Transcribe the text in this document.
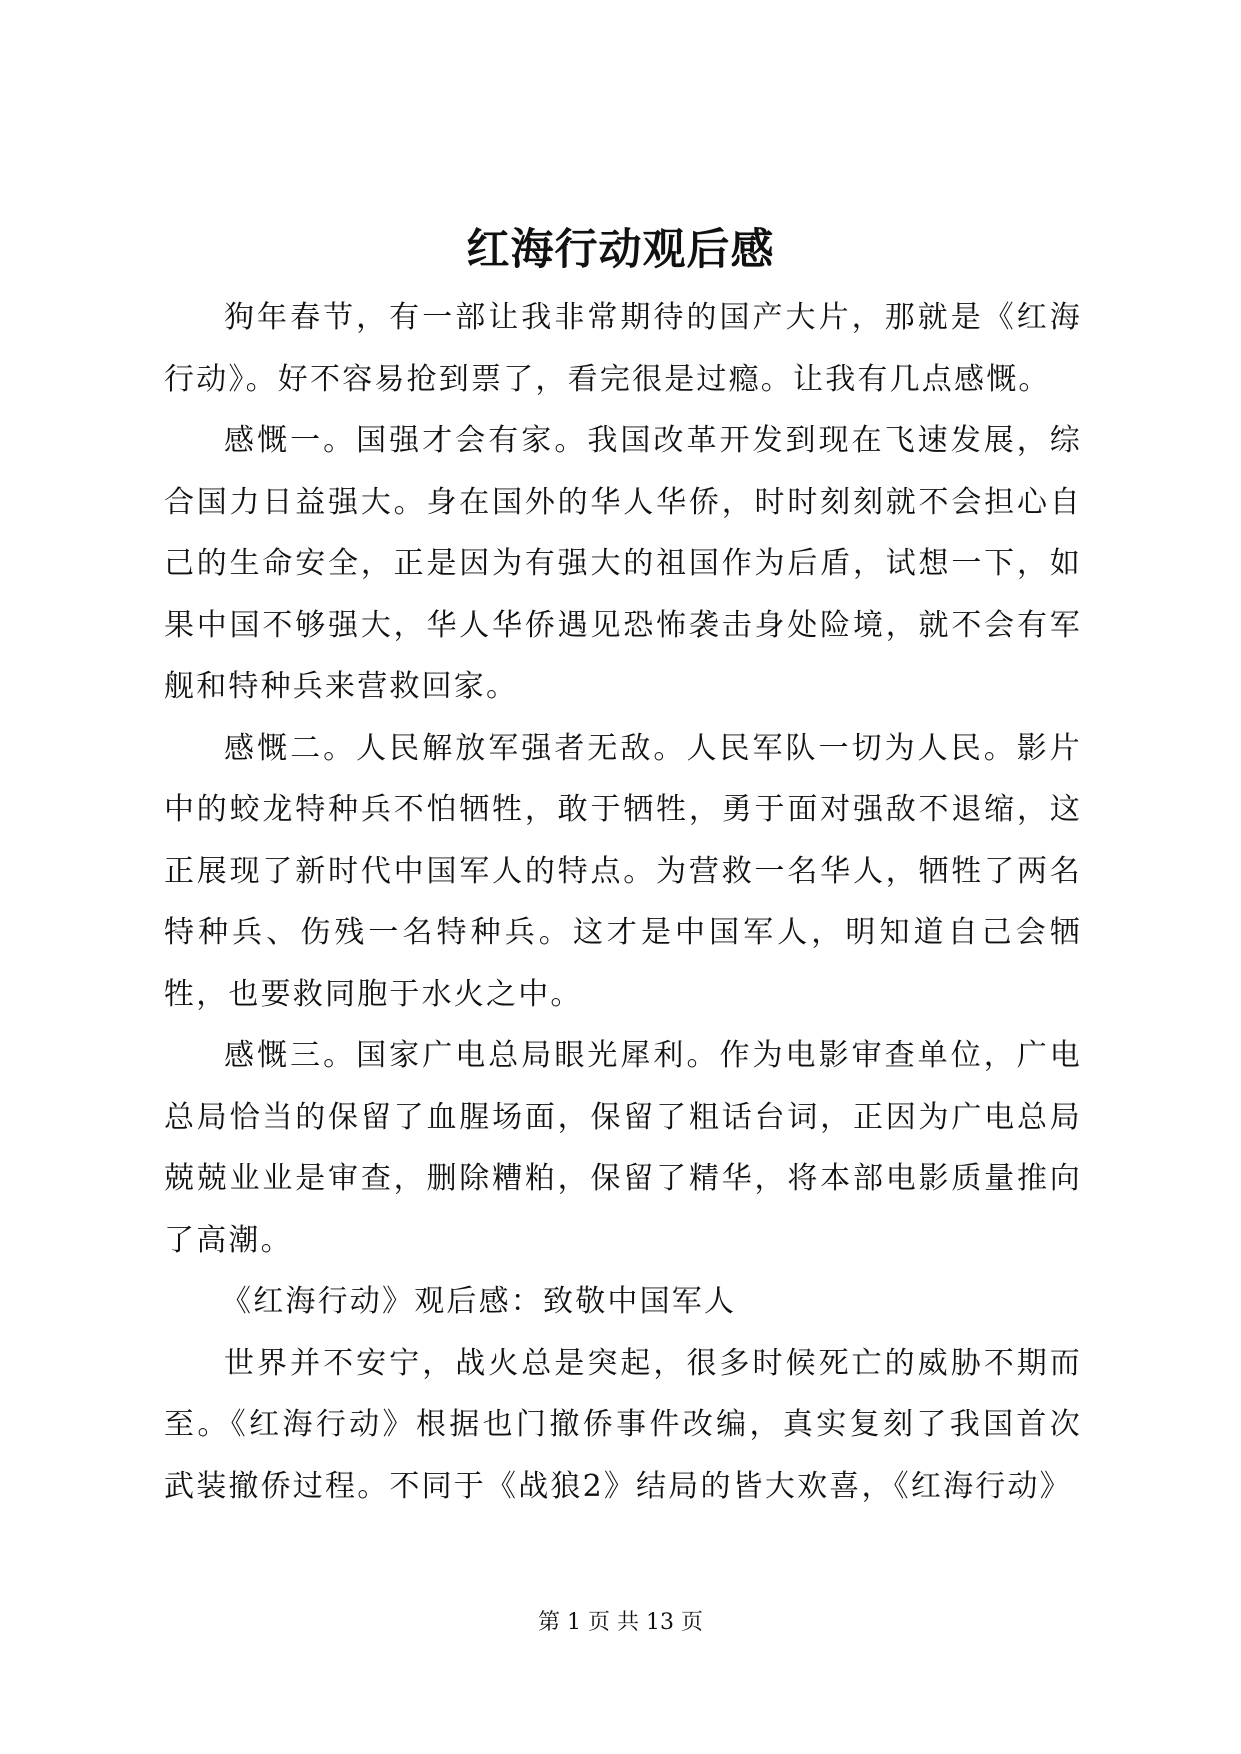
红海行动观后感

狗年春节，有一部让我非常期待的国产大片，那就是《红海行动》。好不容易抢到票了，看完很是过瘾。让我有几点感慨。

感慨一。国强才会有家。我国改革开发到现在飞速发展，综合国力日益强大。身在国外的华人华侨，时时刻刻就不会担心自己的生命安全，正是因为有强大的祖国作为后盾，试想一下，如果中国不够强大，华人华侨遇见恐怖袭击身处险境，就不会有军舰和特种兵来营救回家。

感慨二。人民解放军强者无敌。人民军队一切为人民。影片中的蛟龙特种兵不怕牺牲，敢于牺牲，勇于面对强敌不退缩，这正展现了新时代中国军人的特点。为营救一名华人，牺牲了两名特种兵、伤残一名特种兵。这才是中国军人，明知道自己会牺牲，也要救同胞于水火之中。

感慨三。国家广电总局眼光犀利。作为电影审查单位，广电总局恰当的保留了血腥场面，保留了粗话台词，正因为广电总局兢兢业业是审查，删除糟粕，保留了精华，将本部电影质量推向了高潮。

《红海行动》观后感：致敬中国军人

世界并不安宁，战火总是突起，很多时候死亡的威胁不期而至。《红海行动》根据也门撤侨事件改编，真实复刻了我国首次武装撤侨过程。不同于《战狼2》结局的皆大欢喜，《红海行动》

第 1 页 共 13 页
